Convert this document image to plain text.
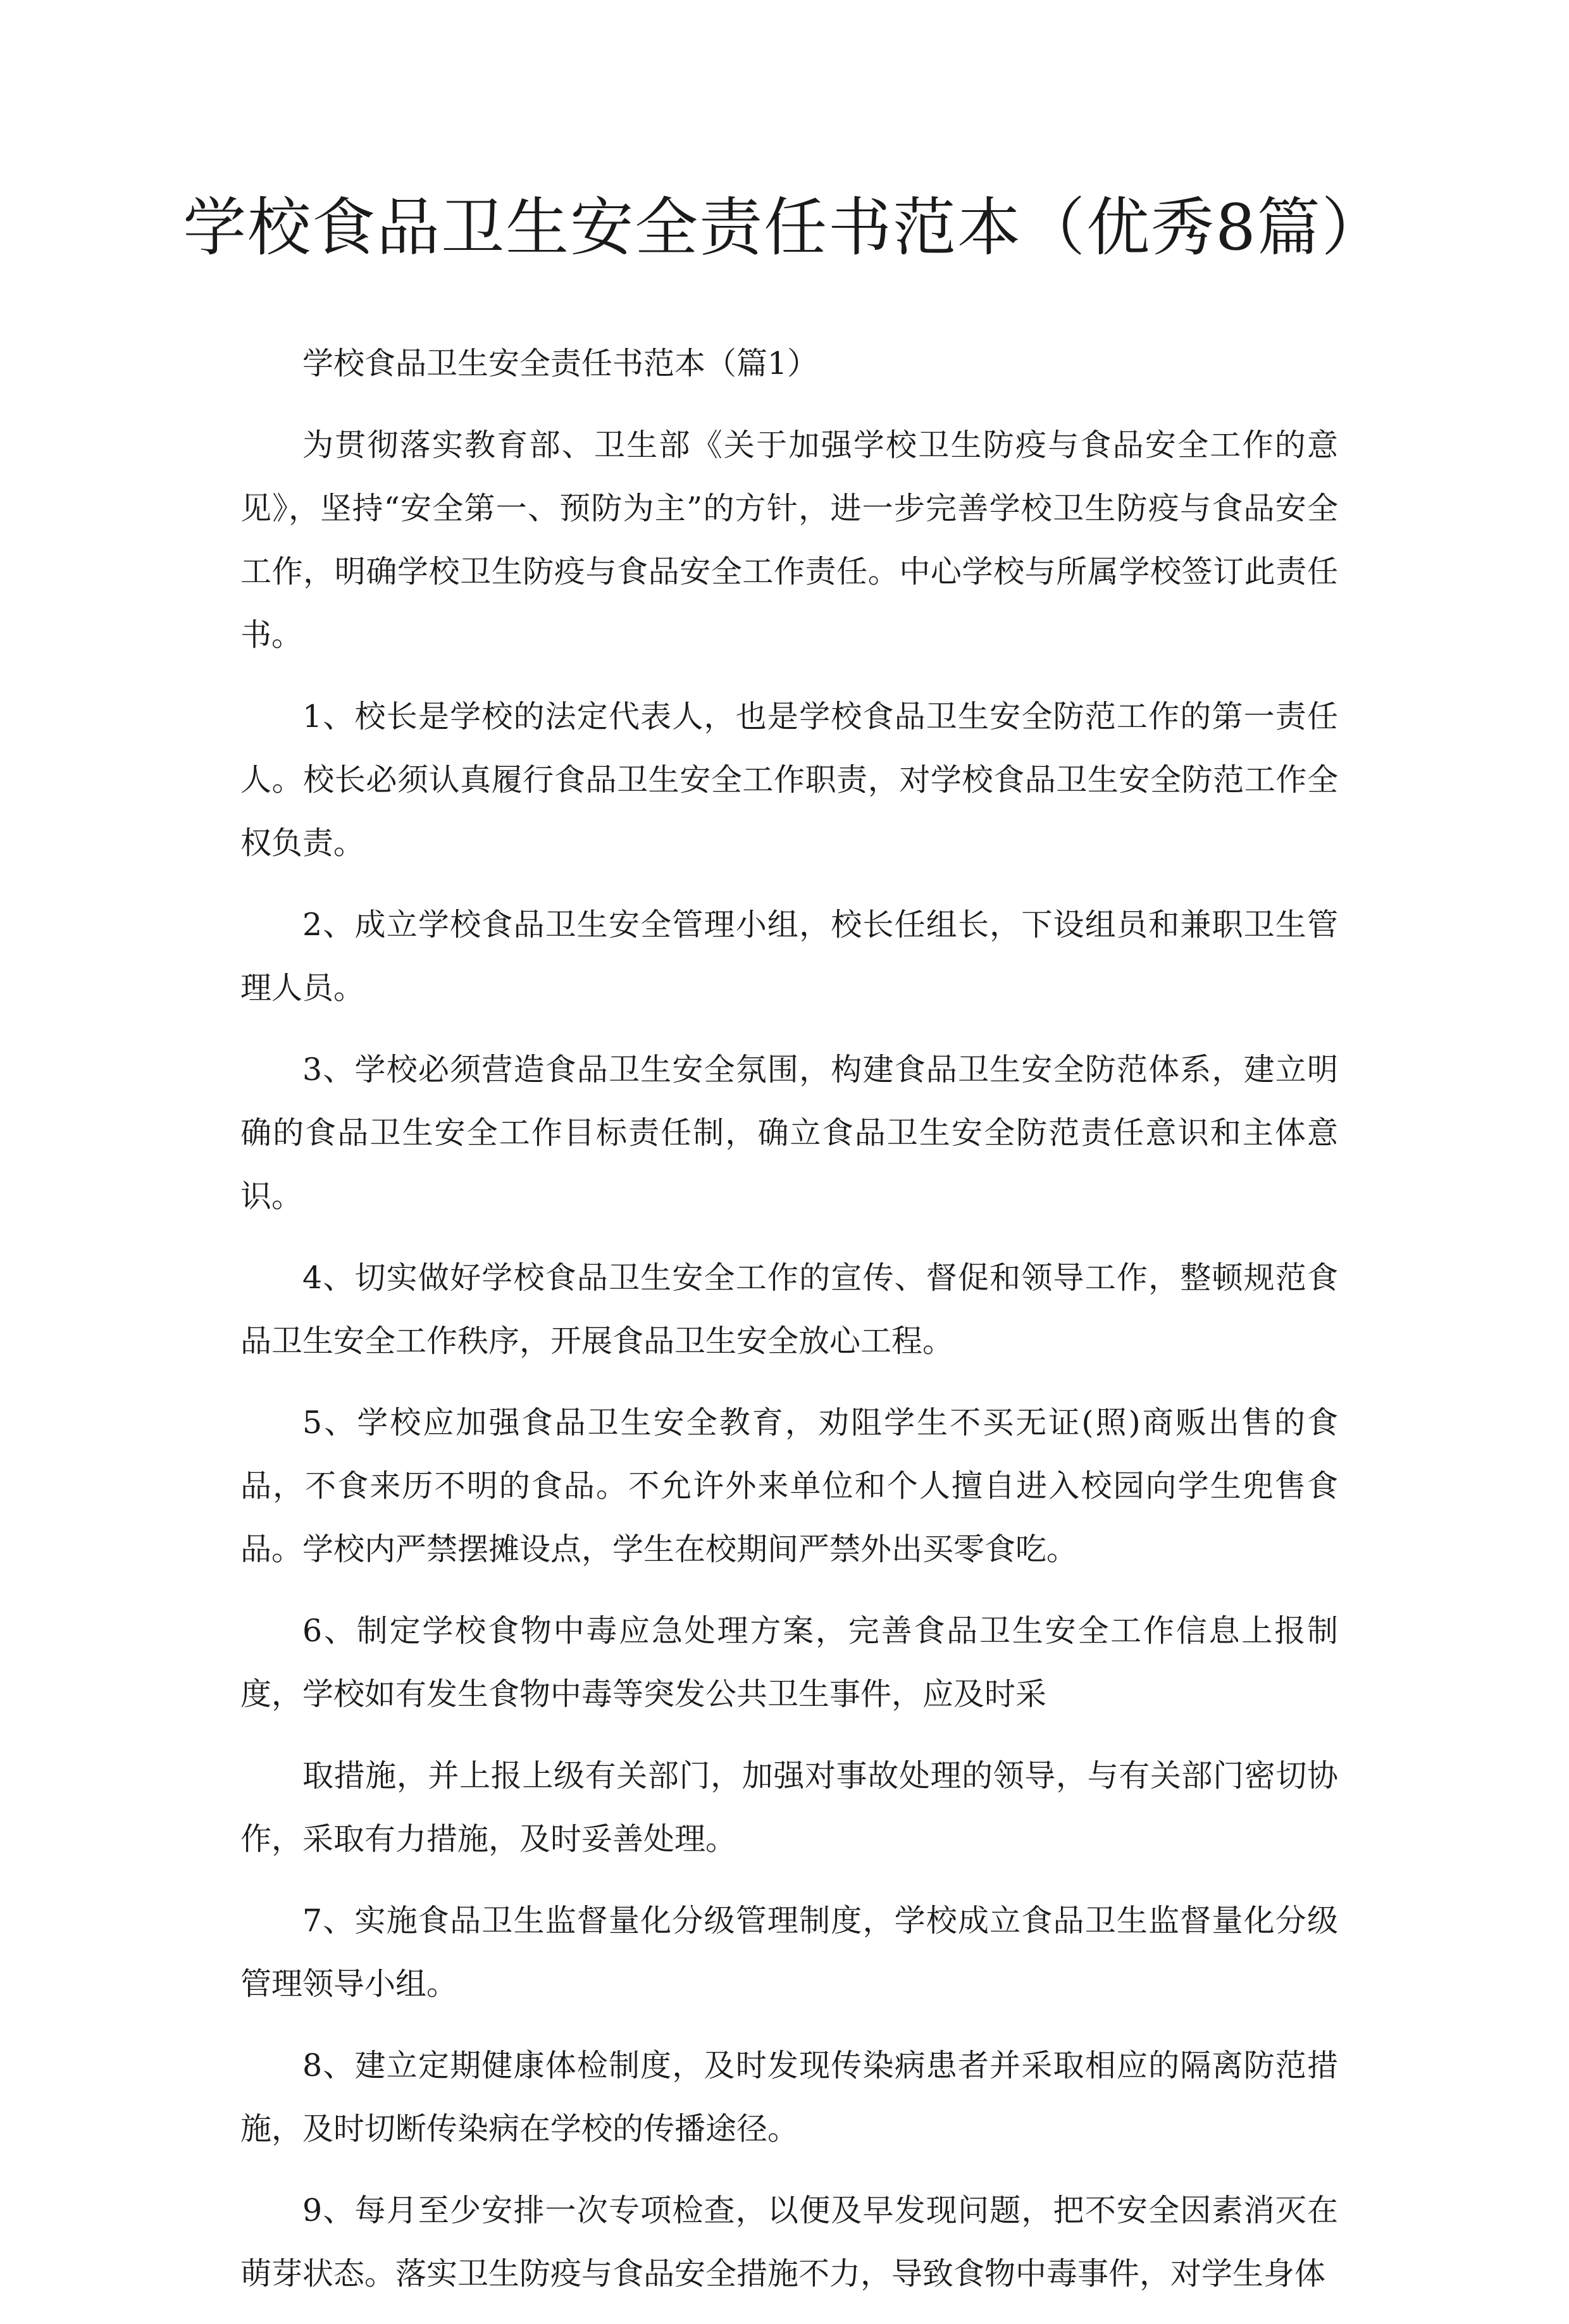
学校食品卫生安全责任书范本（优秀8篇）

学校食品卫生安全责任书范本（篇1）

为贯彻落实教育部、卫生部《关于加强学校卫生防疫与食品安全工作的意见》，坚持“安全第一、预防为主”的方针，进一步完善学校卫生防疫与食品安全工作，明确学校卫生防疫与食品安全工作责任。中心学校与所属学校签订此责任书。

1、校长是学校的法定代表人，也是学校食品卫生安全防范工作的第一责任人。校长必须认真履行食品卫生安全工作职责，对学校食品卫生安全防范工作全权负责。

2、成立学校食品卫生安全管理小组，校长任组长，下设组员和兼职卫生管理人员。

3、学校必须营造食品卫生安全氛围，构建食品卫生安全防范体系，建立明确的食品卫生安全工作目标责任制，确立食品卫生安全防范责任意识和主体意识。

4、切实做好学校食品卫生安全工作的宣传、督促和领导工作，整顿规范食品卫生安全工作秩序，开展食品卫生安全放心工程。

5、学校应加强食品卫生安全教育，劝阻学生不买无证(照)商贩出售的食品，不食来历不明的食品。不允许外来单位和个人擅自进入校园向学生兜售食品。学校内严禁摆摊设点，学生在校期间严禁外出买零食吃。

6、制定学校食物中毒应急处理方案，完善食品卫生安全工作信息上报制度，学校如有发生食物中毒等突发公共卫生事件，应及时采

取措施，并上报上级有关部门，加强对事故处理的领导，与有关部门密切协作，采取有力措施，及时妥善处理。

7、实施食品卫生监督量化分级管理制度，学校成立食品卫生监督量化分级管理领导小组。

8、建立定期健康体检制度，及时发现传染病患者并采取相应的隔离防范措施，及时切断传染病在学校的传播途径。

9、每月至少安排一次专项检查，以便及早发现问题，把不安全因素消灭在萌芽状态。落实卫生防疫与食品安全措施不力，导致食物中毒事件，对学生身体
